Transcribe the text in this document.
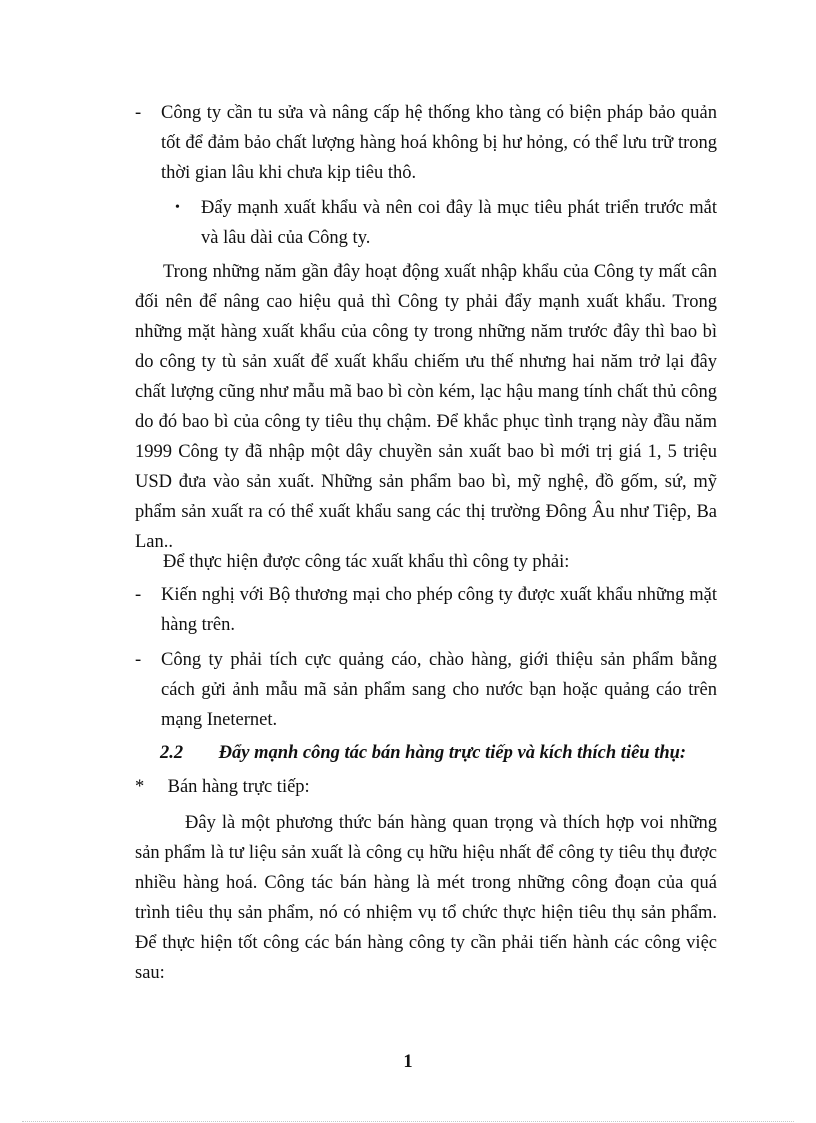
-	Công ty cần tu sửa và nâng cấp hệ thống kho tàng có biện pháp bảo quản tốt để đảm bảo chất lượng hàng hoá không bị hư hỏng, có thể lưu trữ trong thời gian lâu khi chưa kịp tiêu thô.

• Đẩy mạnh xuất khẩu và nên coi đây là mục tiêu phát triển trước mắt và lâu dài của Công ty.

Trong những năm gần đây hoạt động xuất nhập khẩu của Công ty mất cân đối nên để nâng cao hiệu quả thì Công ty phải đẩy mạnh xuất khẩu. Trong những mặt hàng xuất khẩu của công ty trong những năm trước đây thì bao bì do công ty tù sản xuất để xuất khẩu chiếm ưu thế nhưng hai năm trở lại đây chất lượng cũng như mẫu mã bao bì còn kém, lạc hậu mang tính chất thủ công do đó bao bì của công ty tiêu thụ chậm. Để khắc phục tình trạng này đầu năm 1999 Công ty đã nhập một dây chuyền sản xuất bao bì mới trị giá 1, 5 triệu USD đưa vào sản xuất. Những sản phẩm bao bì, mỹ nghệ, đồ gốm, sứ, mỹ phẩm sản xuất ra có thể xuất khẩu sang các thị trường Đông Âu như Tiệp, Ba Lan..

Để thực hiện được công tác xuất khẩu thì công ty phải:

-	Kiến nghị với Bộ thương mại cho phép công ty được xuất khẩu những mặt hàng trên.

-	Công ty phải tích cực quảng cáo, chào hàng, giới thiệu sản phẩm bằng cách gửi ảnh mẫu mã sản phẩm sang cho nước bạn hoặc quảng cáo trên mạng Ineternet.

2.2 Đẩy mạnh công tác bán hàng trực tiếp và kích thích tiêu thụ:
* Bán hàng trực tiếp:

Đây là một phương thức bán hàng quan trọng và thích hợp voi những sản phẩm là tư liệu sản xuất là công cụ hữu hiệu nhất để công ty tiêu thụ được nhiều hàng hoá. Công tác bán hàng là mét trong những công đoạn của quá trình tiêu thụ sản phẩm, nó có nhiệm vụ tổ chức thực hiện tiêu thụ sản phẩm. Để thực hiện tốt công các bán hàng công ty cần phải tiến hành các công việc sau:

1
